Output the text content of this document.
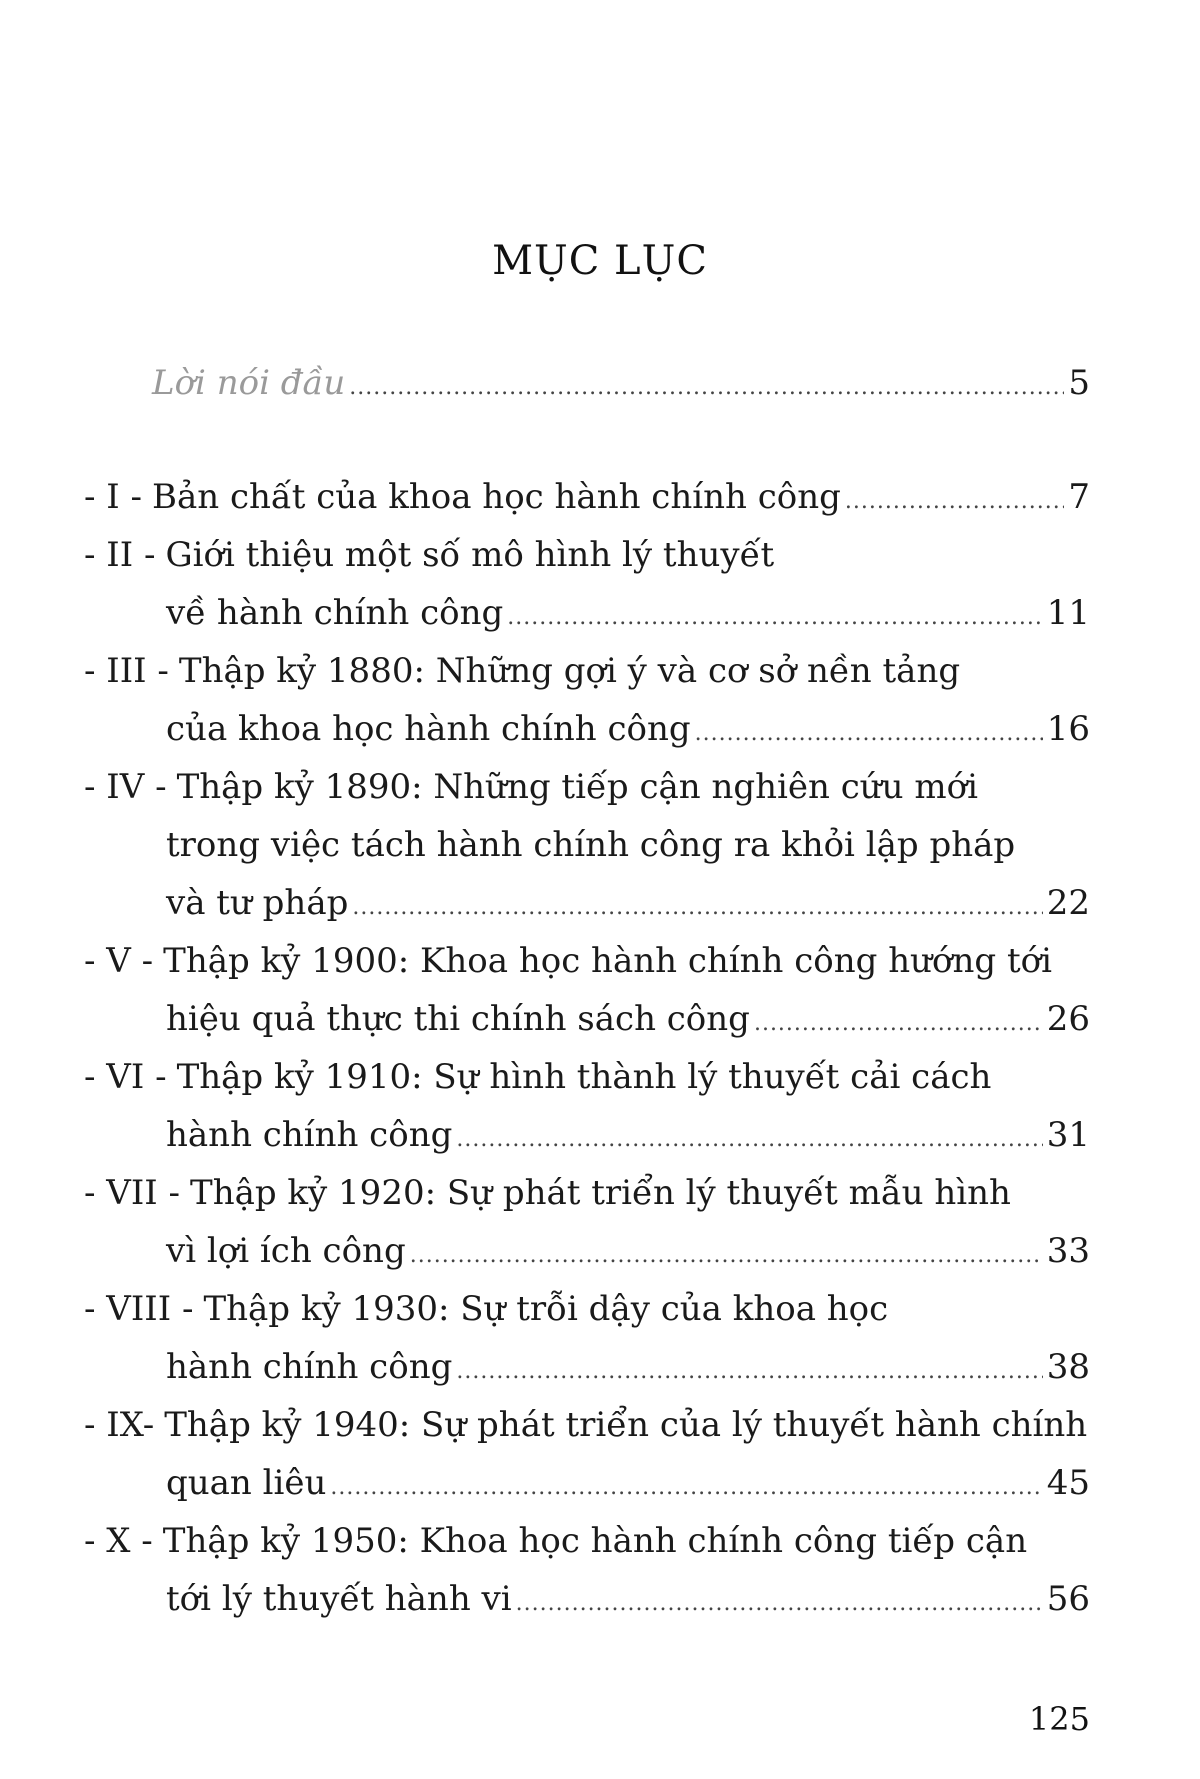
MỤC LỤC
Lời nói đầu .....	5
- I - Bản chất của khoa học hành chính công .....	7
- II - Giới thiệu một số mô hình lý thuyết
về hành chính công .....	11
- III - Thập kỷ 1880: Những gợi ý và cơ sở nền tảng
của khoa học hành chính công .....	16
- IV - Thập kỷ 1890: Những tiếp cận nghiên cứu mới
trong việc tách hành chính công ra khỏi lập pháp
và tư pháp .....	22
- V - Thập kỷ 1900: Khoa học hành chính công hướng tới
hiệu quả thực thi chính sách công .....	26
- VI - Thập kỷ 1910: Sự hình thành lý thuyết cải cách
hành chính công .....	31
- VII - Thập kỷ 1920: Sự phát triển lý thuyết mẫu hình
vì lợi ích công .....	33
- VIII - Thập kỷ 1930: Sự trỗi dậy của khoa học
hành chính công .....	38
- IX- Thập kỷ 1940: Sự phát triển của lý thuyết hành chính
quan liêu .....	45
- X - Thập kỷ 1950: Khoa học hành chính công tiếp cận
tới lý thuyết hành vi .....	56
125
